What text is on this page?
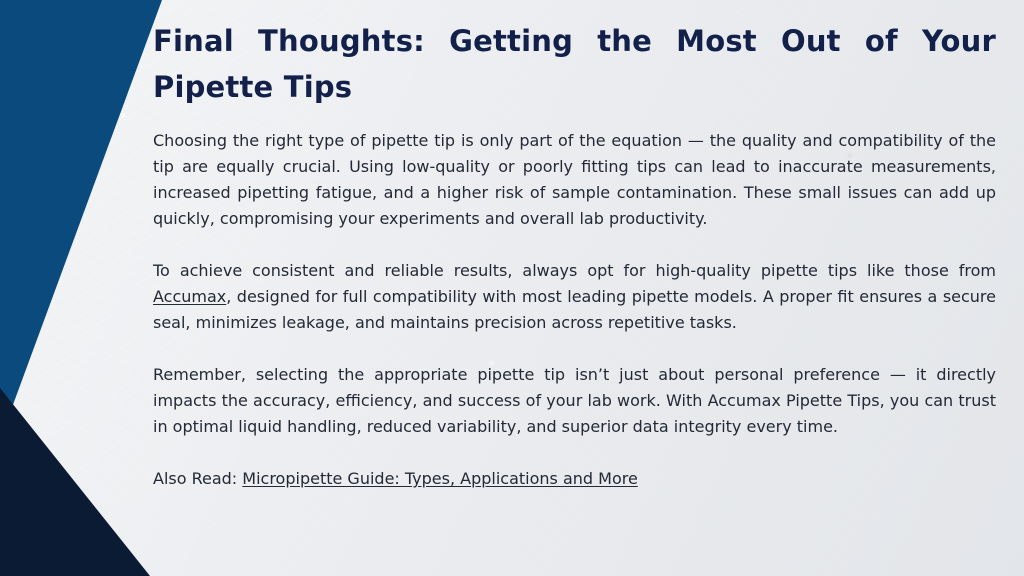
Final Thoughts: Getting the Most Out of Your
Pipette Tips

Choosing the right type of pipette tip is only part of the equation — the quality and compatibility of the tip are equally crucial. Using low-quality or poorly fitting tips can lead to inaccurate measurements, increased pipetting fatigue, and a higher risk of sample contamination. These small issues can add up quickly, compromising your experiments and overall lab productivity.

To achieve consistent and reliable results, always opt for high-quality pipette tips like those from Accumax, designed for full compatibility with most leading pipette models. A proper fit ensures a secure seal, minimizes leakage, and maintains precision across repetitive tasks.

Remember, selecting the appropriate pipette tip isn’t just about personal preference — it directly impacts the accuracy, efficiency, and success of your lab work. With Accumax Pipette Tips, you can trust in optimal liquid handling, reduced variability, and superior data integrity every time.

Also Read: Micropipette Guide: Types, Applications and More
